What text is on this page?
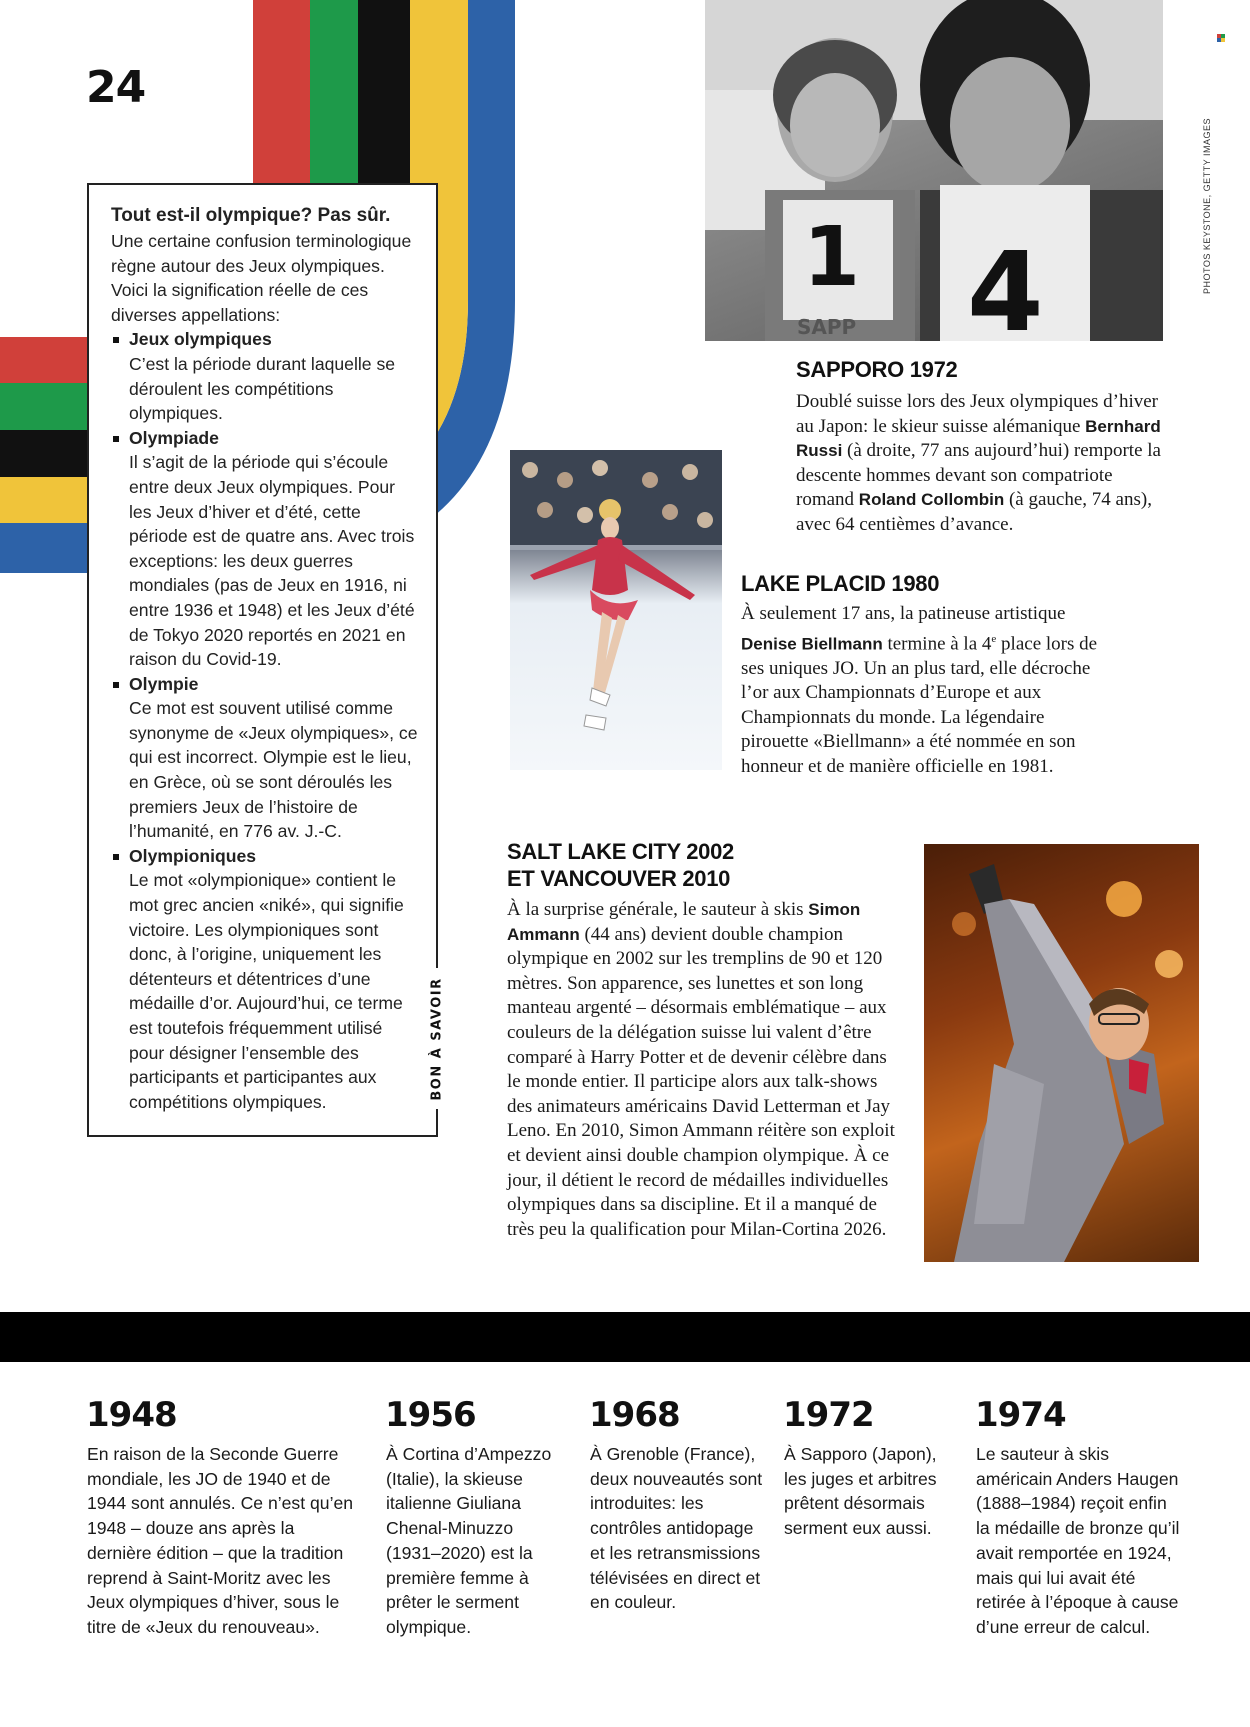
24
Tout est-il olympique? Pas sûr.

Une certaine confusion terminologique règne autour des Jeux olympiques. Voici la signification réelle de ces diverses appellations:

Jeux olympiques
C’est la période durant laquelle se déroulent les compétitions olympiques.
Olympiade
Il s’agit de la période qui s’écoule entre deux Jeux olympiques. Pour les Jeux d’hiver et d’été, cette période est de quatre ans. Avec trois exceptions: les deux guerres mondiales (pas de Jeux en 1916, ni entre 1936 et 1948) et les Jeux d’été de Tokyo 2020 reportés en 2021 en raison du Covid-19.
Olympie
Ce mot est souvent utilisé comme synonyme de «Jeux olympiques», ce qui est incorrect. Olympie est le lieu, en Grèce, où se sont déroulés les premiers Jeux de l’histoire de l’humanité, en 776 av. J.-C.
Olympioniques
Le mot «olympionique» contient le mot grec ancien «niké», qui signifie victoire. Les olympioniques sont donc, à l’origine, uniquement les détenteurs et détentrices d’une médaille d’or. Aujourd’hui, ce terme est toutefois fréquemment utilisé pour désigner l’ensemble des participants et participantes aux compétitions olympiques.
BON À SAVOIR
PHOTOS KEYSTONE, GETTY IMAGES
1 4
SAPP
SAPPORO 1972

Doublé suisse lors des Jeux olympiques d’hiver au Japon: le skieur suisse alémanique Bernhard Russi (à droite, 77 ans aujourd’hui) remporte la descente hommes devant son compatriote romand Roland Collombin (à gauche, 74 ans), avec 64 centièmes d’avance.

LAKE PLACID 1980

À seulement 17 ans, la patineuse artistique Denise Biellmann termine à la 4e place lors de ses uniques JO. Un an plus tard, elle décroche l’or aux Championnats d’Europe et aux Championnats du monde. La légendaire pirouette «Biellmann» a été nommée en son honneur et de manière officielle en 1981.

SALT LAKE CITY 2002
ET VANCOUVER 2010

À la surprise générale, le sauteur à skis Simon Ammann (44 ans) devient double champion olympique en 2002 sur les tremplins de 90 et 120 mètres. Son apparence, ses lunettes et son long manteau argenté – désormais emblématique – aux couleurs de la délégation suisse lui valent d’être comparé à Harry Potter et de devenir célèbre dans le monde entier. Il participe alors aux talk-shows des animateurs américains David Letterman et Jay Leno. En 2010, Simon Ammann réitère son exploit et devient ainsi double champion olympique. À ce jour, il détient le record de médailles individuelles olympiques dans sa discipline. Et il a manqué de très peu la qualification pour Milan-Cortina 2026.

1948
En raison de la Seconde Guerre mondiale, les JO de 1940 et de 1944 sont annulés. Ce n’est qu’en 1948 – douze ans après la dernière édition – que la tradition reprend à Saint-Moritz avec les Jeux olympiques d’hiver, sous le titre de «Jeux du renouveau».
1956
À Cortina d’Ampezzo (Italie), la skieuse italienne Giuliana Chenal-Minuzzo (1931–2020) est la première femme à prêter le serment olympique.
1968
À Grenoble (France), deux nouveautés sont introduites: les contrôles antidopage et les retransmissions télévisées en direct et en couleur.
1972
À Sapporo (Japon), les juges et arbitres prêtent désormais serment eux aussi.
1974
Le sauteur à skis américain Anders Haugen (1888–1984) reçoit enfin la médaille de bronze qu’il avait remportée en 1924, mais qui lui avait été retirée à l’époque à cause d’une erreur de calcul.
